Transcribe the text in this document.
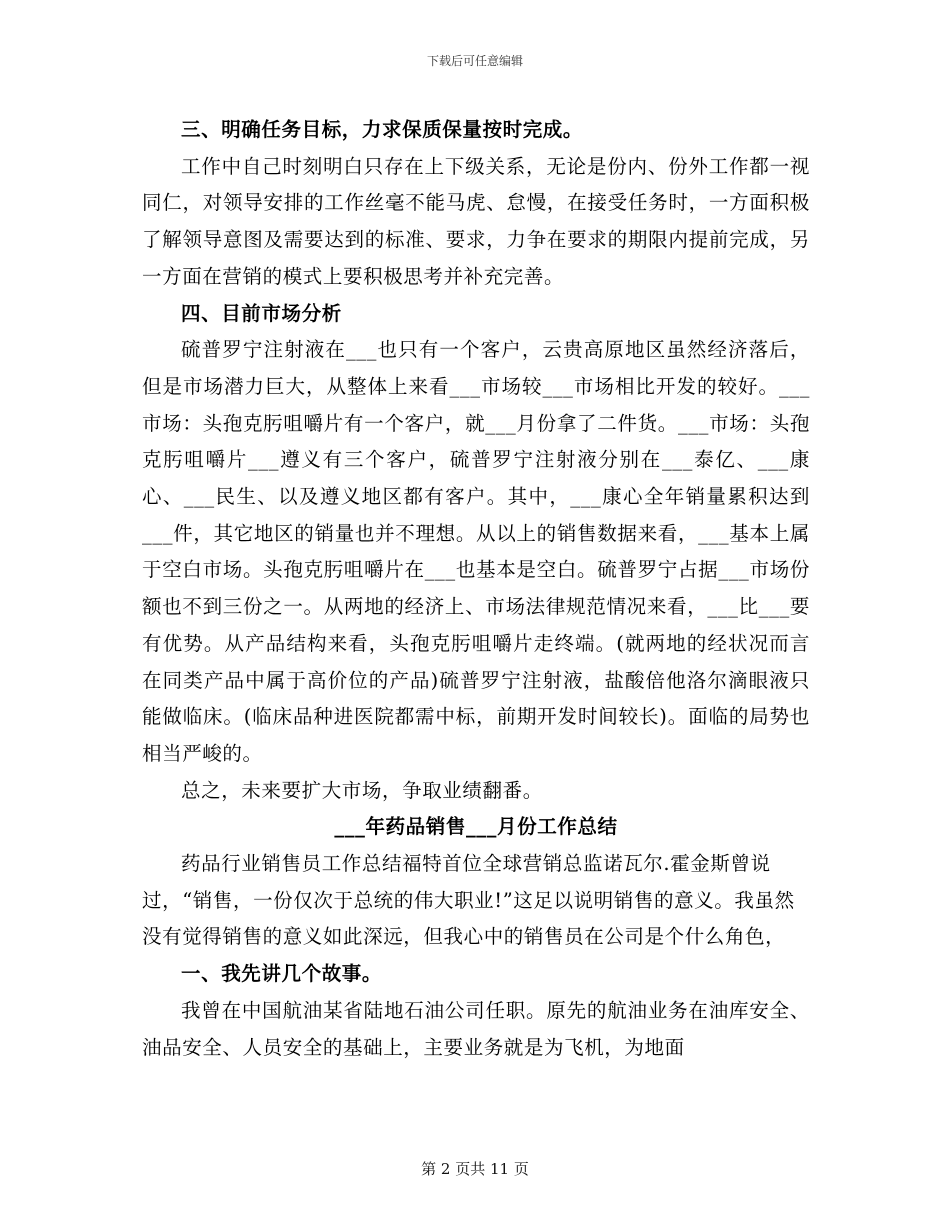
下载后可任意编辑

三、明确任务目标，力求保质保量按时完成。

工作中自己时刻明白只存在上下级关系，无论是份内、份外工作都一视同仁，对领导安排的工作丝毫不能马虎、怠慢，在接受任务时，一方面积极了解领导意图及需要达到的标准、要求，力争在要求的期限内提前完成，另一方面在营销的模式上要积极思考并补充完善。

四、目前市场分析

硫普罗宁注射液在___也只有一个客户，云贵高原地区虽然经济落后，但是市场潜力巨大，从整体上来看___市场较___市场相比开发的较好。___市场：头孢克肟咀嚼片有一个客户，就___月份拿了二件货。___市场：头孢克肟咀嚼片___遵义有三个客户，硫普罗宁注射液分别在___泰亿、___康心、___民生、以及遵义地区都有客户。其中，___康心全年销量累积达到___件，其它地区的销量也并不理想。从以上的销售数据来看，___基本上属于空白市场。头孢克肟咀嚼片在___也基本是空白。硫普罗宁占据___市场份额也不到三份之一。从两地的经济上、市场法律规范情况来看，___比___要有优势。从产品结构来看，头孢克肟咀嚼片走终端。(就两地的经状况而言在同类产品中属于高价位的产品)硫普罗宁注射液，盐酸倍他洛尔滴眼液只能做临床。(临床品种进医院都需中标，前期开发时间较长)。面临的局势也相当严峻的。

总之，未来要扩大市场，争取业绩翻番。

___年药品销售___月份工作总结

药品行业销售员工作总结福特首位全球营销总监诺瓦尔.霍金斯曾说过，“销售，一份仅次于总统的伟大职业!”这足以说明销售的意义。我虽然没有觉得销售的意义如此深远，但我心中的销售员在公司是个什么角色，

一、我先讲几个故事。

我曾在中国航油某省陆地石油公司任职。原先的航油业务在油库安全、油品安全、人员安全的基础上，主要业务就是为飞机，为地面

第 2 页共 11 页
